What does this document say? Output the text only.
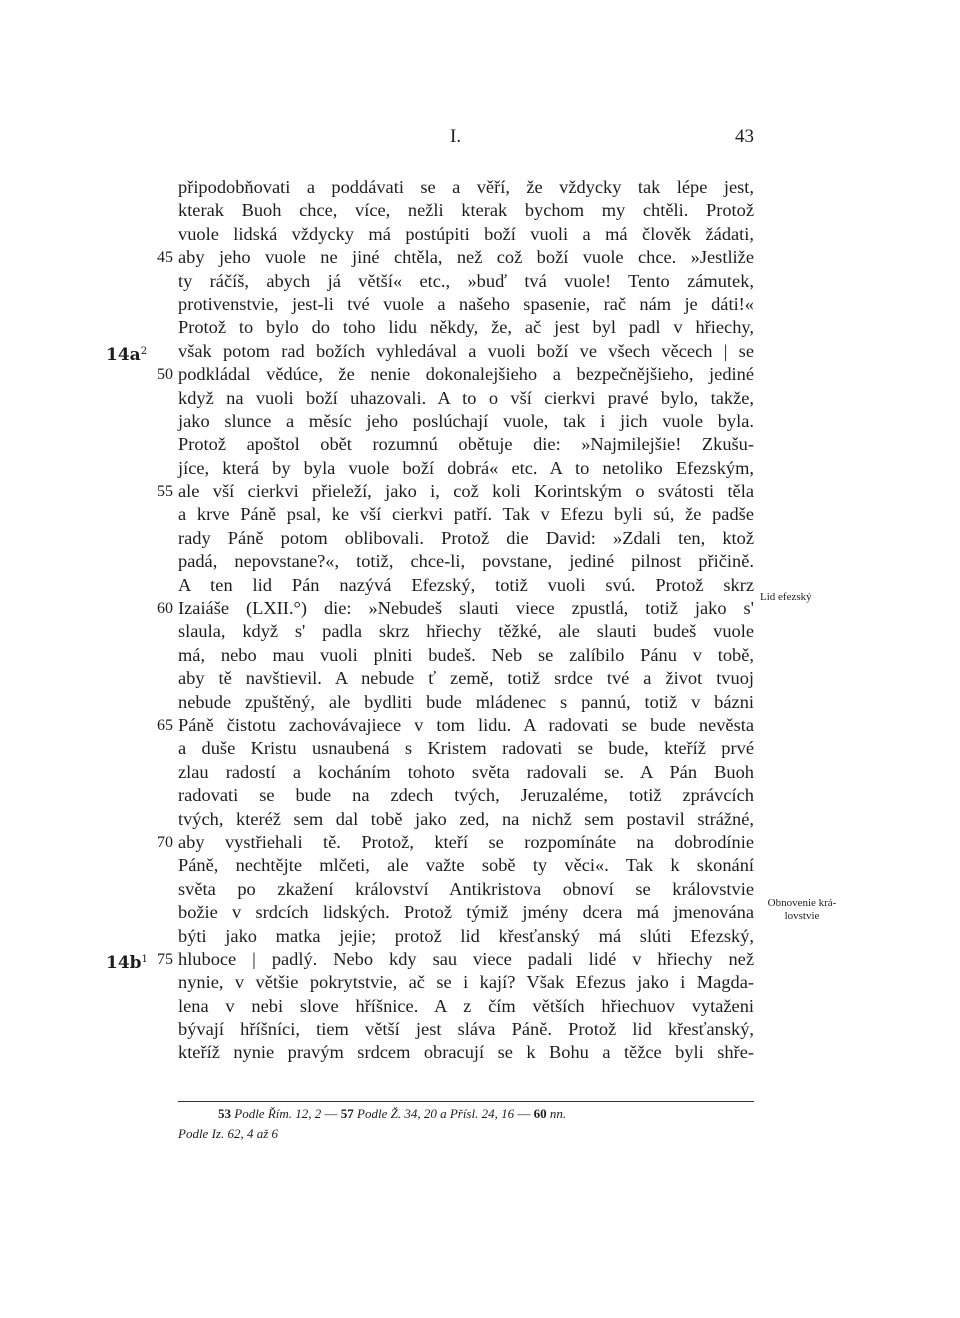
I.	43
připodobňovati a poddávati se a věří, že vždycky tak lépe jest,
kterak Buoh chce, více, nežli kterak bychom my chtěli. Protož
vuole lidská vždycky má postúpiti boží vuoli a má člověk žádati,
aby jeho vuole ne jiné chtěla, než což boží vuole chce. »Jestliže
45
ty ráčíš, abych já větší« etc., »buď tvá vuole! Tento zámutek,
protivenstvie, jest-li tvé vuole a našeho spasenie, rač nám je dáti!«
Protož to bylo do toho lidu někdy, že, ač jest byl padl v hřiechy,
však potom rad božích vyhledával a vuoli boží ve všech věcech | se
$14a^2$
podkládal vědúce, že nenie dokonalejšieho a bezpečnějšieho, jediné
50
když na vuoli boží uhazovali. A to o vší cierkvi pravé bylo, takže,
jako slunce a měsíc jeho poslúchají vuole, tak i jich vuole byla.
Protož apoštol obět rozumnú obětuje die: »Najmilejšie! Zkušu-
jíce, která by byla vuole boží dobrá« etc. A to netoliko Efezským,
ale vší cierkvi přieleží, jako i, což koli Korintským o svátosti těla
55
a krve Páně psal, ke vší cierkvi patří. Tak v Efezu byli sú, že padše
rady Páně potom oblibovali. Protož die David: »Zdali ten, ktož
padá, nepovstane?«, totiž, chce-li, povstane, jediné pilnost přičině.
A ten lid Pán nazývá Efezský, totiž vuoli svú. Protož skrz
Izaiáše (LXII.°) die: »Nebudeš slauti viece zpustlá, totiž jako s'
60
slaula, když s' padla skrz hřiechy těžké, ale slauti budeš vuole
má, nebo mau vuoli plniti budeš. Neb se zalíbilo Pánu v tobě,
aby tě navštievil. A nebude ť země, totiž srdce tvé a život tvuoj
nebude zpuštěný, ale bydliti bude mládenec s pannú, totiž v bázni
Páně čistotu zachovávajiece v tom lidu. A radovati se bude nevěsta
65
a duše Kristu usnaubená s Kristem radovati se bude, kteříž prvé
zlau radostí a kocháním tohoto světa radovali se. A Pán Buoh
radovati se bude na zdech tvých, Jeruzaléme, totiž zprávcích
tvých, kteréž sem dal tobě jako zed, na nichž sem postavil strážné,
aby vystřiehali tě. Protož, kteří se rozpomínáte na dobrodínie
70
Páně, nechtějte mlčeti, ale važte sobě ty věci«. Tak k skonání
světa po zkažení království Antikristova obnoví se královstvie
božie v srdcích lidských. Protož týmiž jmény dcera má jmenována
býti jako matka jejie; protož lid křesťanský má slúti Efezský,
hluboce | padlý. Nebo kdy sau viece padali lidé v hřiechy než
75
$14b^1$
nynie, v většie pokrytstvie, ač se i kají? Však Efezus jako i Magda-
lena v nebi slove hříšnice. A z čím větších hřiechuov vytaženi
bývají hříšníci, tiem větší jest sláva Páně. Protož lid křesťanský,
kteříž nynie pravým srdcem obracují se k Bohu a těžce byli shře-
Lid efezský
Obnovenie krá-
lovstvie
53 Podle Řím. 12, 2 — 57 Podle Ž. 34, 20 a Přísl. 24, 16 — 60 nn.
Podle Iz. 62, 4 až 6
